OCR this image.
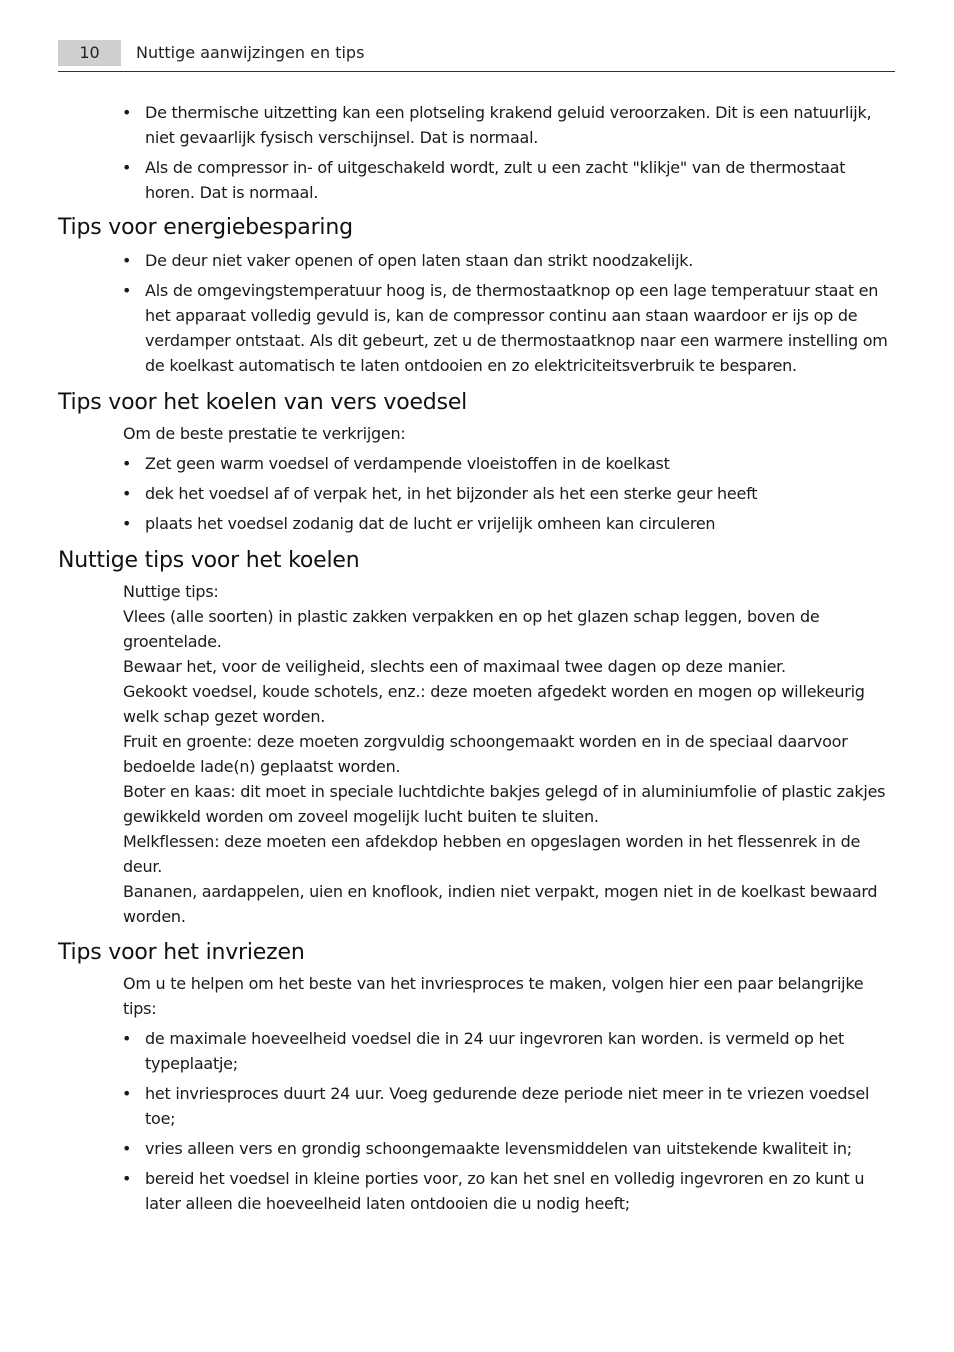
10	Nuttige aanwijzingen en tips
• De thermische uitzetting kan een plotseling krakend geluid veroorzaken. Dit is een natuurlijk, niet gevaarlijk fysisch verschijnsel. Dat is normaal.
• Als de compressor in- of uitgeschakeld wordt, zult u een zacht "klikje" van de thermostaat horen. Dat is normaal.
Tips voor energiebesparing
• De deur niet vaker openen of open laten staan dan strikt noodzakelijk.
• Als de omgevingstemperatuur hoog is, de thermostaatknop op een lage temperatuur staat en het apparaat volledig gevuld is, kan de compressor continu aan staan waardoor er ijs op de verdamper ontstaat. Als dit gebeurt, zet u de thermostaatknop naar een warmere instelling om de koelkast automatisch te laten ontdooien en zo elektriciteitsverbruik te besparen.
Tips voor het koelen van vers voedsel

Om de beste prestatie te verkrijgen:

• Zet geen warm voedsel of verdampende vloeistoffen in de koelkast
• dek het voedsel af of verpak het, in het bijzonder als het een sterke geur heeft
• plaats het voedsel zodanig dat de lucht er vrijelijk omheen kan circuleren
Nuttige tips voor het koelen

Nuttige tips:

Vlees (alle soorten) in plastic zakken verpakken en op het glazen schap leggen, boven de groentelade.

Bewaar het, voor de veiligheid, slechts een of maximaal twee dagen op deze manier.

Gekookt voedsel, koude schotels, enz.: deze moeten afgedekt worden en mogen op willekeurig welk schap gezet worden.

Fruit en groente: deze moeten zorgvuldig schoongemaakt worden en in de speciaal daarvoor bedoelde lade(n) geplaatst worden.

Boter en kaas: dit moet in speciale luchtdichte bakjes gelegd of in aluminiumfolie of plastic zakjes gewikkeld worden om zoveel mogelijk lucht buiten te sluiten.

Melkflessen: deze moeten een afdekdop hebben en opgeslagen worden in het flessenrek in de deur.

Bananen, aardappelen, uien en knoflook, indien niet verpakt, mogen niet in de koelkast bewaard worden.

Tips voor het invriezen

Om u te helpen om het beste van het invriesproces te maken, volgen hier een paar belangrijke tips:

• de maximale hoeveelheid voedsel die in 24 uur ingevroren kan worden. is vermeld op het typeplaatje;
• het invriesproces duurt 24 uur. Voeg gedurende deze periode niet meer in te vriezen voedsel toe;
• vries alleen vers en grondig schoongemaakte levensmiddelen van uitstekende kwaliteit in;
• bereid het voedsel in kleine porties voor, zo kan het snel en volledig ingevroren en zo kunt u later alleen die hoeveelheid laten ontdooien die u nodig heeft;
